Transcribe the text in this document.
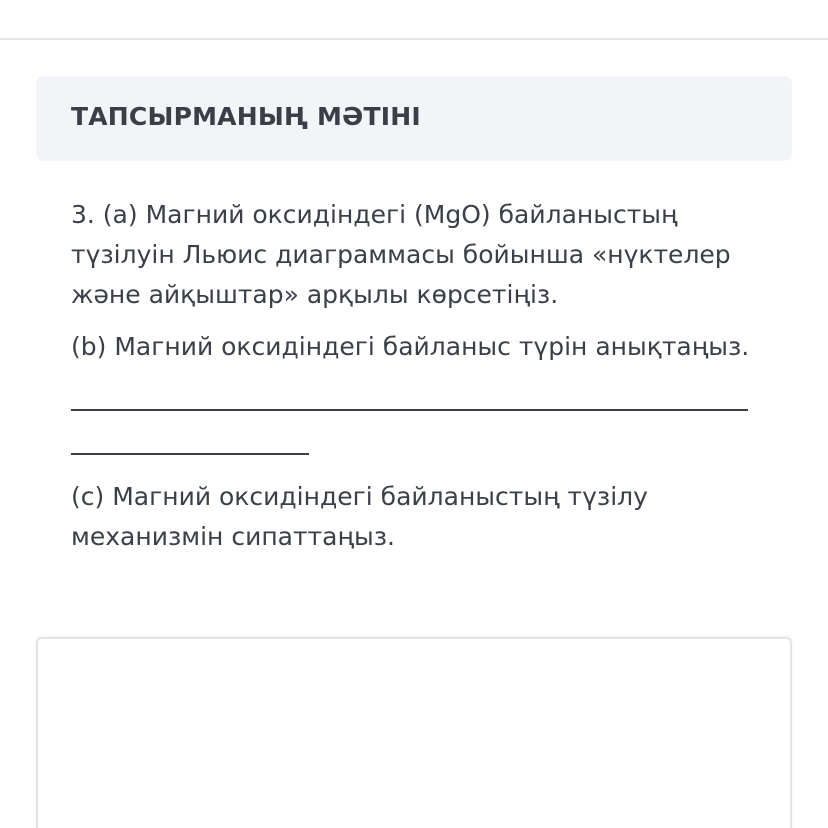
ТАПСЫРМАНЫҢ МӘТІНІ

3. (a) Магний оксидіндегі (MgO) байланыстың түзілуін Льюис диаграммасы бойынша «нүктелер және айқыштар» арқылы көрсетіңіз.

(b) Магний оксидіндегі байланыс түрін анықтаңыз.

(c) Магний оксидіндегі байланыстың түзілу механизмін сипаттаңыз.
